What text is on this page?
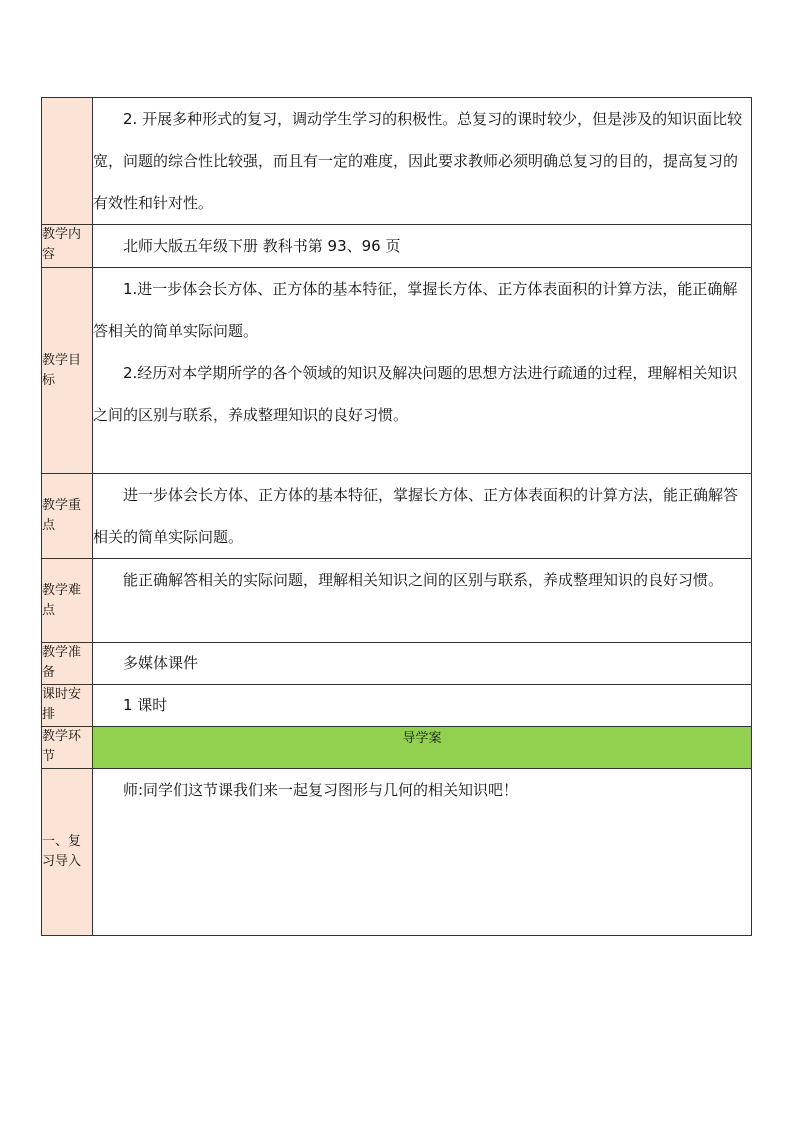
	2. 开展多种形式的复习，调动学生学习的积极性。总复习的课时较少，但是涉及的知识面比较宽，问题的综合性比较强，而且有一定的难度，因此要求教师必须明确总复习的目的，提高复习的有效性和针对性。

教学内容	北师大版五年级下册 教科书第 93、96 页

教学目标	1.进一步体会长方体、正方体的基本特征，掌握长方体、正方体表面积的计算方法，能正确解答相关的简单实际问题。

2.经历对本学期所学的各个领域的知识及解决问题的思想方法进行疏通的过程，理解相关知识之间的区别与联系，养成整理知识的良好习惯。

教学重点	进一步体会长方体、正方体的基本特征，掌握长方体、正方体表面积的计算方法，能正确解答相关的简单实际问题。

教学难点	能正确解答相关的实际问题，理解相关知识之间的区别与联系，养成整理知识的良好习惯。

教学准备	多媒体课件

课时安排	1 课时

教学环节	导学案
一、复习导入	师:同学们这节课我们来一起复习图形与几何的相关知识吧！
